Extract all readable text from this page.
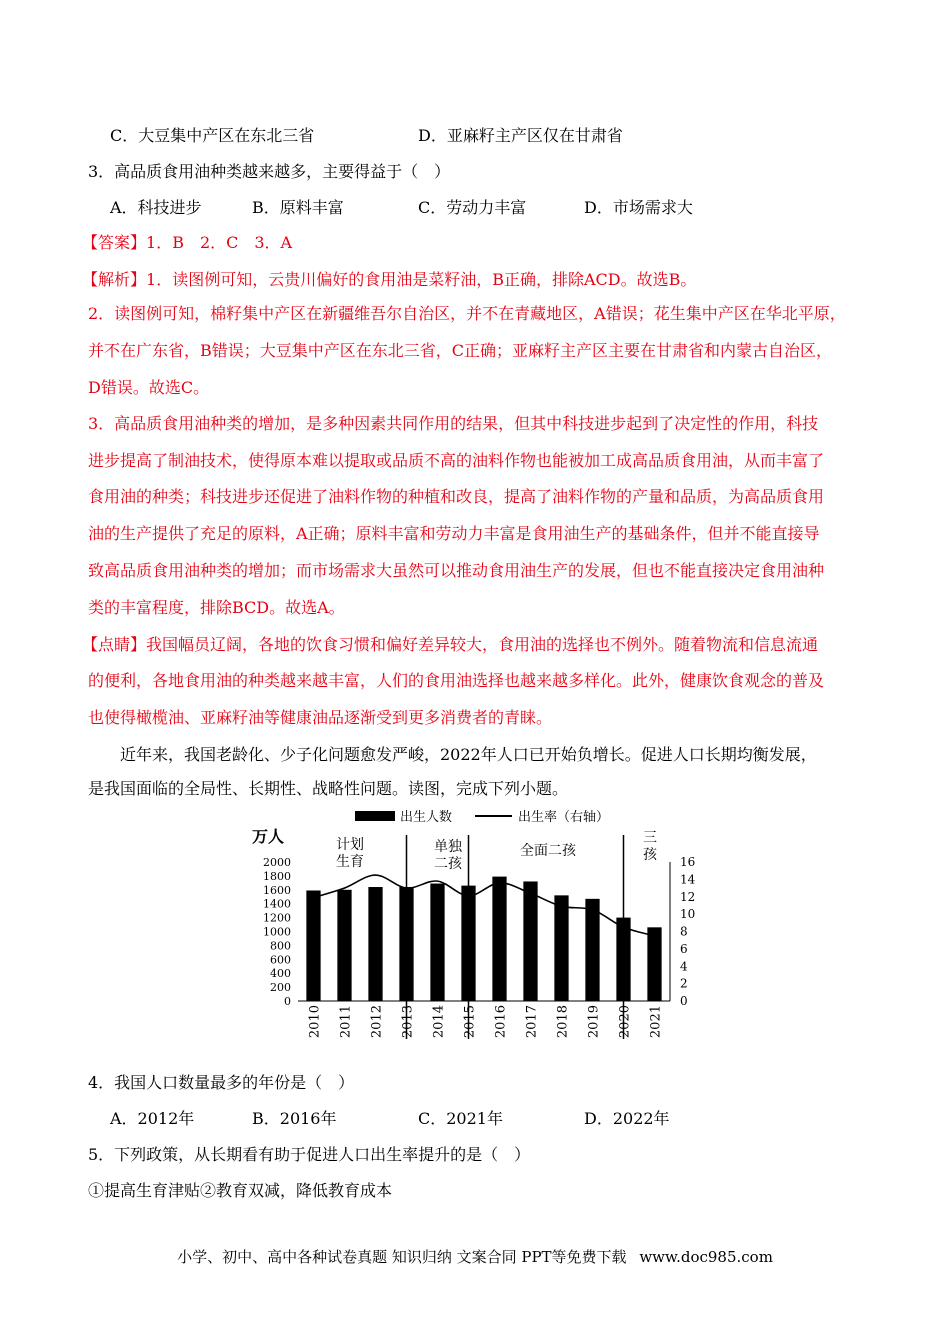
C．大豆集中产区在东北三省	D．亚麻籽主产区仅在甘肃省
3．高品质食用油种类越来越多，主要得益于（　）
A．科技进步	B．原料丰富	C．劳动力丰富	D．市场需求大
【答案】1．B　2．C　3．A
【解析】1．读图例可知，云贵川偏好的食用油是菜籽油，B正确，排除ACD。故选B。
2．读图例可知，棉籽集中产区在新疆维吾尔自治区，并不在青藏地区，A错误；花生集中产区在华北平原，
并不在广东省，B错误；大豆集中产区在东北三省，C正确；亚麻籽主产区主要在甘肃省和内蒙古自治区，
D错误。故选C。
3．高品质食用油种类的增加，是多种因素共同作用的结果，但其中科技进步起到了决定性的作用，科技
进步提高了制油技术，使得原本难以提取或品质不高的油料作物也能被加工成高品质食用油，从而丰富了
食用油的种类；科技进步还促进了油料作物的种植和改良，提高了油料作物的产量和品质，为高品质食用
油的生产提供了充足的原料，A正确；原料丰富和劳动力丰富是食用油生产的基础条件，但并不能直接导
致高品质食用油种类的增加；而市场需求大虽然可以推动食用油生产的发展，但也不能直接决定食用油种
类的丰富程度，排除BCD。故选A。
【点睛】我国幅员辽阔，各地的饮食习惯和偏好差异较大，食用油的选择也不例外。随着物流和信息流通
的便利，各地食用油的种类越来越丰富，人们的食用油选择也越来越多样化。此外，健康饮食观念的普及
也使得橄榄油、亚麻籽油等健康油品逐渐受到更多消费者的青睐。
近年来，我国老龄化、少子化问题愈发严峻，2022年人口已开始负增长。促进人口长期均衡发展，
是我国面临的全局性、长期性、战略性问题。读图，完成下列小题。
出生人数	出生率（右轴）
万人
2000
1800
1600
1400
1200
1000
800
600
400
200
0
16
14
12
10
8
6
4
2
0
计划
生育
单独
二孩
全面二孩
三
孩
2010 2011 2012 2013 2014 2015 2016 2017 2018 2019 2020 2021
4．我国人口数量最多的年份是（　）
A．2012年	B．2016年	C．2021年	D．2022年
5．下列政策，从长期看有助于促进人口出生率提升的是（　）
①提高生育津贴②教育双减，降低教育成本
小学、初中、高中各种试卷真题 知识归纳 文案合同 PPT等免费下载 www.doc985.com
